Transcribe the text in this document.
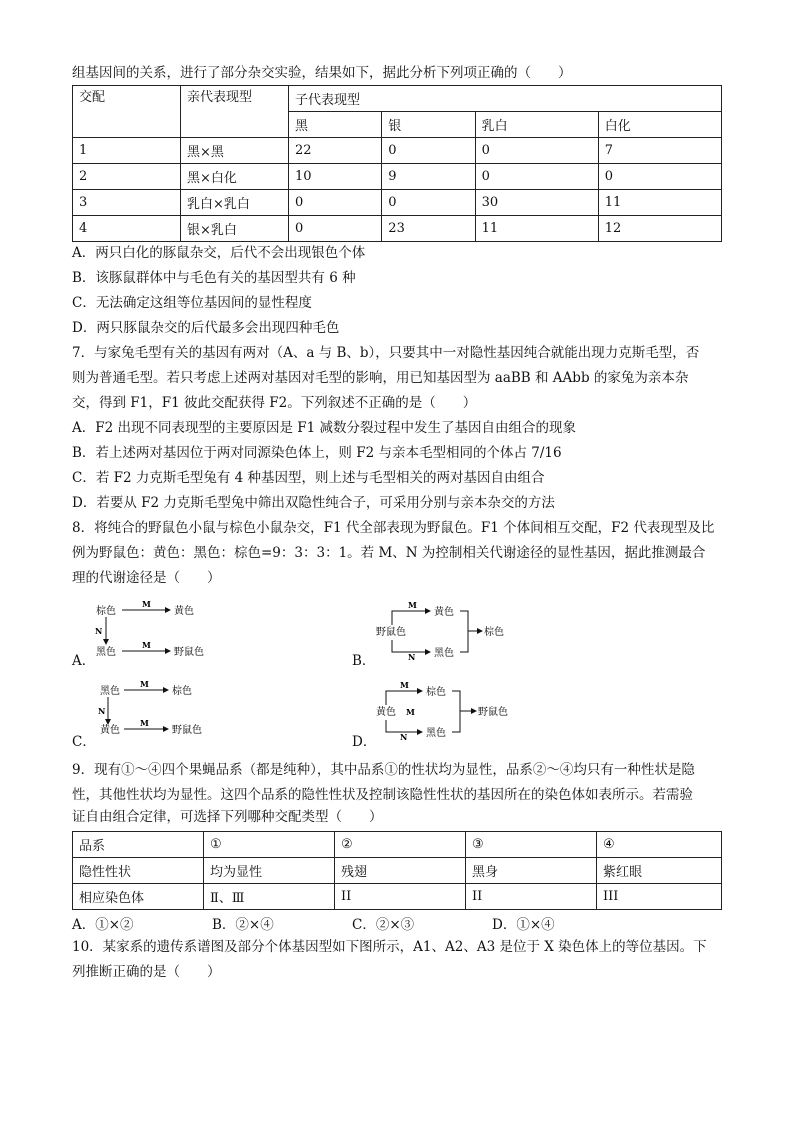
组基因间的关系，进行了部分杂交实验，结果如下，据此分析下列项正确的（　　）
交配	亲代表现型	子代表现型			
		黑	银	乳白	白化
1	黑×黑	22	0	0	7
2	黑×白化	10	9	0	0
3	乳白×乳白	0	0	30	11
4	银×乳白	0	23	11	12
A．两只白化的豚鼠杂交，后代不会出现银色个体
B．该豚鼠群体中与毛色有关的基因型共有 6 种
C．无法确定这组等位基因间的显性程度
D．两只豚鼠杂交的后代最多会出现四种毛色
7．与家兔毛型有关的基因有两对（A、a 与 B、b），只要其中一对隐性基因纯合就能出现力克斯毛型，否
则为普通毛型。若只考虑上述两对基因对毛型的影响，用已知基因型为 aaBB 和 AAbb 的家兔为亲本杂
交，得到 F1，F1 彼此交配获得 F2。下列叙述不正确的是（　　）
A．F2 出现不同表现型的主要原因是 F1 减数分裂过程中发生了基因自由组合的现象
B．若上述两对基因位于两对同源染色体上，则 F2 与亲本毛型相同的个体占 7/16
C．若 F2 力克斯毛型兔有 4 种基因型，则上述与毛型相关的两对基因自由组合
D．若要从 F2 力克斯毛型兔中筛出双隐性纯合子，可采用分别与亲本杂交的方法
8．将纯合的野鼠色小鼠与棕色小鼠杂交，F1 代全部表现为野鼠色。F1 个体间相互交配，F2 代表现型及比
例为野鼠色：黄色：黑色：棕色=9：3：3：1。若 M、N 为控制相关代谢途径的显性基因，据此推测最合
理的代谢途径是（　　）
A．
棕色
M
黄色
N
黑色
M
野鼠色
B．
野鼠色
M
黄色
N 黑色
棕色
C．
黑色
M
棕色
N
黄色
M
野鼠色
D．
黄色
M
棕色
M
N 黑色
野鼠色
9．现有①～④四个果蝇品系（都是纯种），其中品系①的性状均为显性，品系②～④均只有一种性状是隐
性，其他性状均为显性。这四个品系的隐性性状及控制该隐性性状的基因所在的染色体如表所示。若需验
证自由组合定律，可选择下列哪种交配类型（　　）
品系	①	②	③	④
隐性性状	均为显性	残翅	黑身	紫红眼
相应染色体	Ⅱ、Ⅲ	II	II	III
A．①×②	B．②×④	C．②×③	D．①×④
10．某家系的遗传系谱图及部分个体基因型如下图所示，A1、A2、A3 是位于 X 染色体上的等位基因。下
列推断正确的是（　　）
